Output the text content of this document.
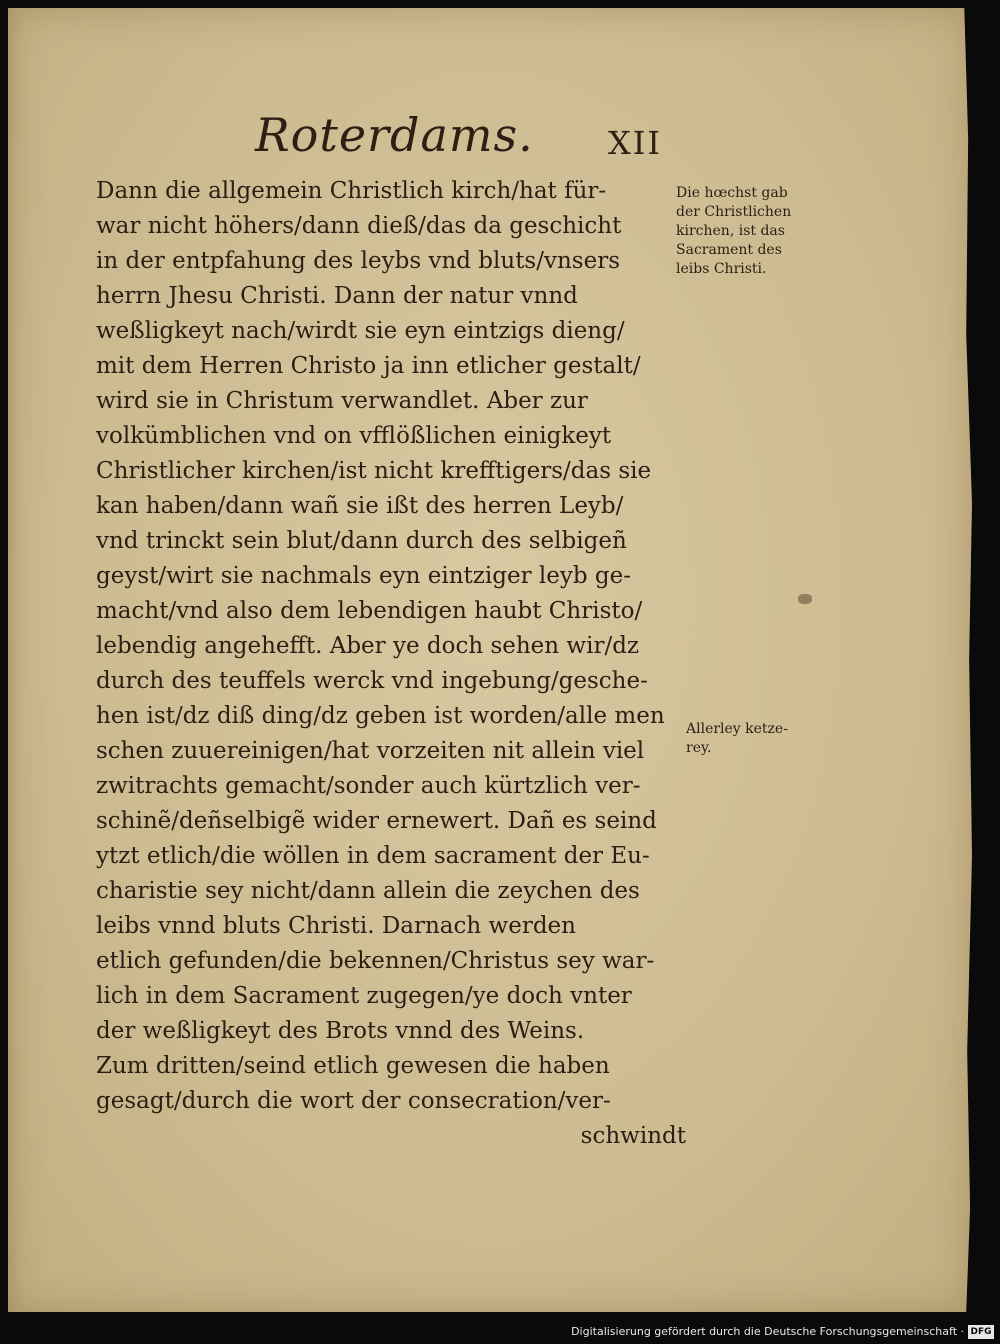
Roterdams. XII
Dann die allgemein Christlich kirch/hat für-
war nicht höhers/dann dieß/das da geschicht
in der entpfahung des leybs vnd bluts/vnsers
herrn Jhesu Christi. Dann der natur vnnd
weßligkeyt nach/wirdt sie eyn eintzigs dieng/
mit dem Herren Christo ja inn etlicher gestalt/
wird sie in Christum verwandlet. Aber zur
volkümblichen vnd on vfflößlichen einigkeyt
Christlicher kirchen/ist nicht krefftigers/das sie
kan haben/dann wañ sie ißt des herren Leyb/
vnd trinckt sein blut/dann durch des selbigeñ
geyst/wirt sie nachmals eyn eintziger leyb ge-
macht/vnd also dem lebendigen haubt Christo/
lebendig angehefft. Aber ye doch sehen wir/dz
durch des teuffels werck vnd ingebung/gesche-
hen ist/dz diß ding/dz geben ist worden/alle men
schen zuuereinigen/hat vorzeiten nit allein viel
zwitrachts gemacht/sonder auch kürtzlich ver-
schinẽ/deñselbigẽ wider ernewert. Dañ es seind
ytzt etlich/die wöllen in dem sacrament der Eu-
charistie sey nicht/dann allein die zeychen des
leibs vnnd bluts Christi. Darnach werden
etlich gefunden/die bekennen/Christus sey war-
lich in dem Sacrament zugegen/ye doch vnter
der weßligkeyt des Brots vnnd des Weins.
Zum dritten/seind etlich gewesen die haben
gesagt/durch die wort der consecration/ver-
schwindt
Die hœchst gab
der Christlichen
kirchen, ist das
Sacrament des
leibs Christi.
Allerley ketze-
rey.
Digitalisierung gefördert durch die Deutsche Forschungsgemeinschaft · DFG
